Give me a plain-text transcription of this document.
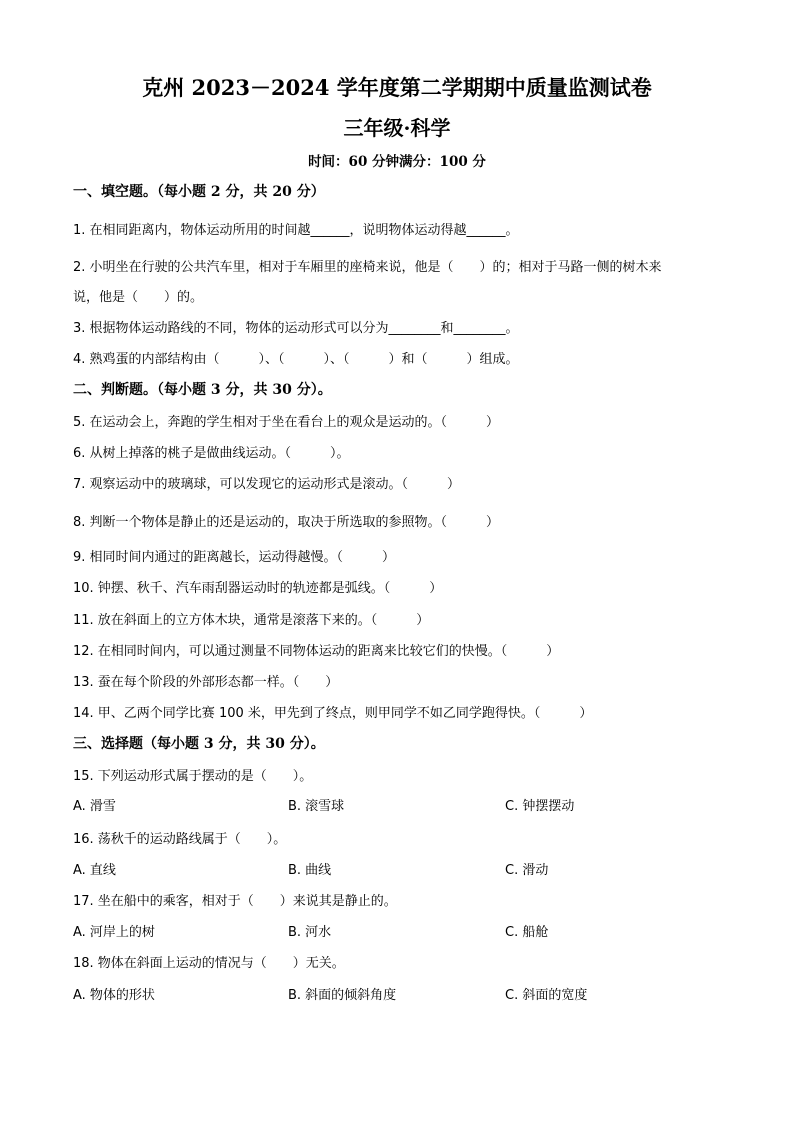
克州 2023－2024 学年度第二学期期中质量监测试卷
三年级·科学
时间：60 分钟满分：100 分
一、填空题。（每小题 2 分，共 20 分）
1. 在相同距离内，物体运动所用的时间越______，说明物体运动得越______。
2. 小明坐在行驶的公共汽车里，相对于车厢里的座椅来说，他是（　　）的；相对于马路一侧的树木来
说，他是（　　）的。
3. 根据物体运动路线的不同，物体的运动形式可以分为________和________。
4. 熟鸡蛋的内部结构由（　　　）、（　　　）、（　　　）和（　　　）组成。
二、判断题。（每小题 3 分，共 30 分）。
5. 在运动会上，奔跑的学生相对于坐在看台上的观众是运动的。（　　　）
6. 从树上掉落的桃子是做曲线运动。（　　　）。
7. 观察运动中的玻璃球，可以发现它的运动形式是滚动。（　　　）
8. 判断一个物体是静止的还是运动的，取决于所选取的参照物。（　　　）
9. 相同时间内通过的距离越长，运动得越慢。（　　　）
10. 钟摆、秋千、汽车雨刮器运动时的轨迹都是弧线。（　　　）
11. 放在斜面上的立方体木块，通常是滚落下来的。（　　　）
12. 在相同时间内，可以通过测量不同物体运动的距离来比较它们的快慢。（　　　）
13. 蚕在每个阶段的外部形态都一样。（　　）
14. 甲、乙两个同学比赛 100 米，甲先到了终点，则甲同学不如乙同学跑得快。（　　　）
三、选择题（每小题 3 分，共 30 分）。
15. 下列运动形式属于摆动的是（　　）。
A. 滑雪	B. 滚雪球	C. 钟摆摆动
16. 荡秋千的运动路线属于（　　）。
A. 直线	B. 曲线	C. 滑动
17. 坐在船中的乘客，相对于（　　）来说其是静止的。
A. 河岸上的树	B. 河水	C. 船舱
18. 物体在斜面上运动的情况与（　　）无关。
A. 物体的形状	B. 斜面的倾斜角度	C. 斜面的宽度
